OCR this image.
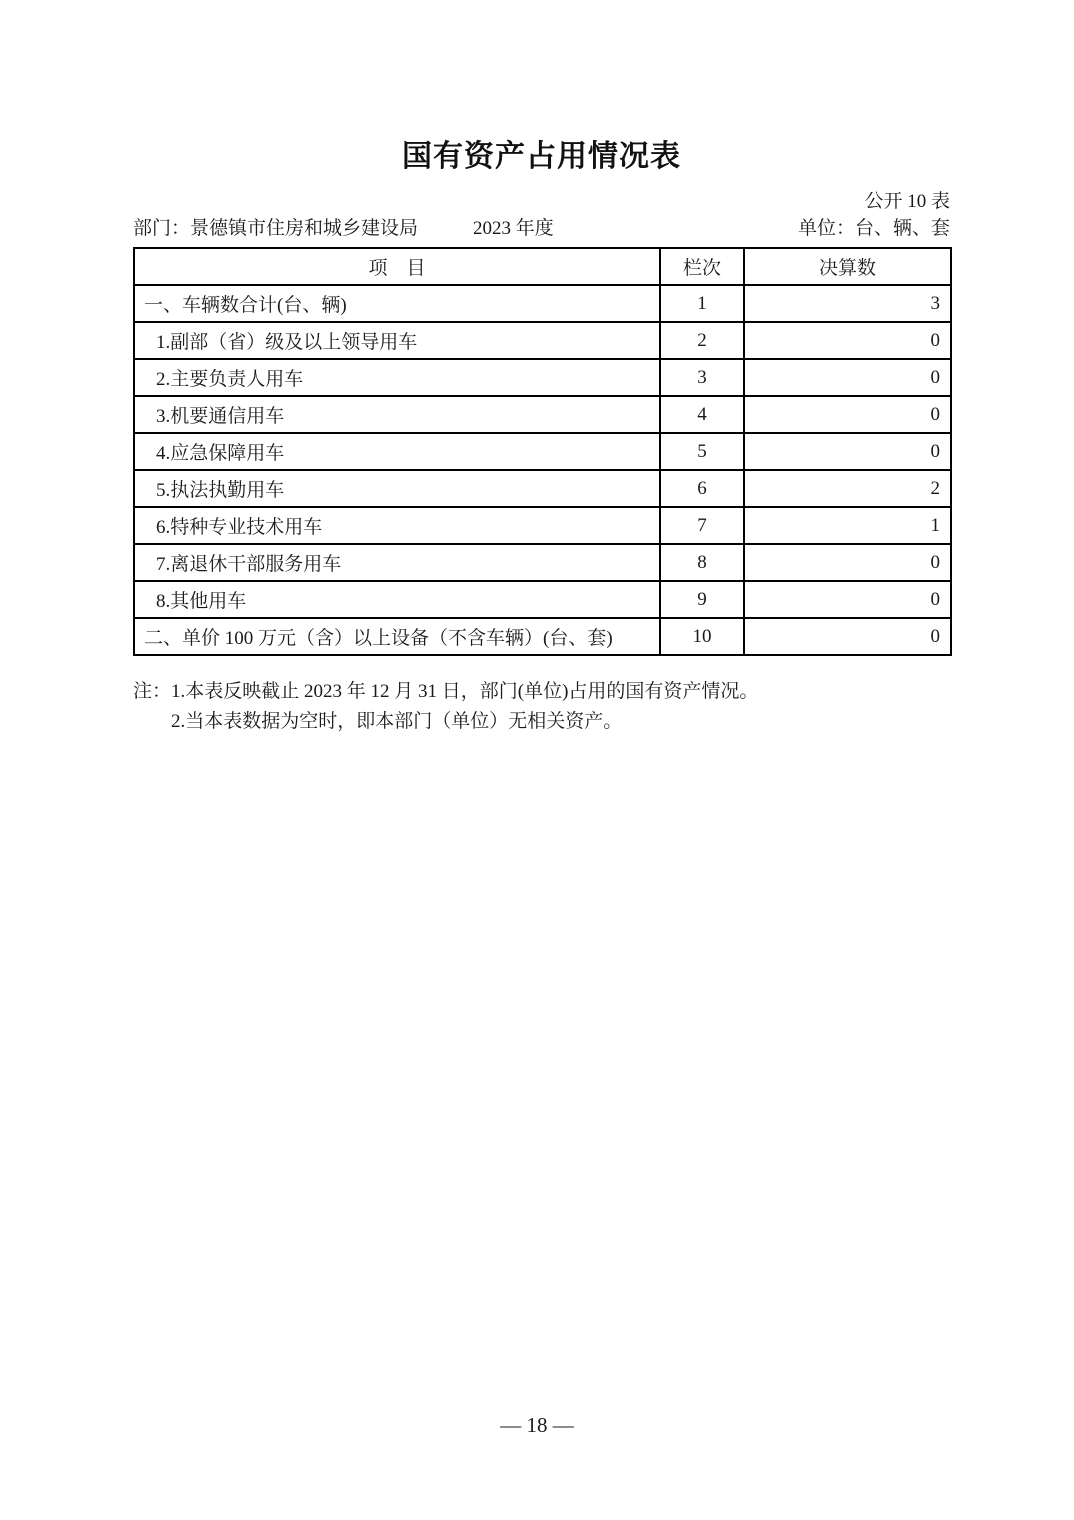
国有资产占用情况表
公开 10 表
部门：景德镇市住房和城乡建设局	2023 年度	单位：台、辆、套
项　目	栏次	决算数
一、车辆数合计(台、辆)	1	3
1.副部（省）级及以上领导用车	2	0
2.主要负责人用车	3	0
3.机要通信用车	4	0
4.应急保障用车	5	0
5.执法执勤用车	6	2
6.特种专业技术用车	7	1
7.离退休干部服务用车	8	0
8.其他用车	9	0
二、单价 100 万元（含）以上设备（不含车辆）(台、套)	10	0
注： 1.本表反映截止 2023 年 12 月 31 日，部门(单位)占用的国有资产情况。
2.当本表数据为空时，即本部门（单位）无相关资产。
— 18 —
